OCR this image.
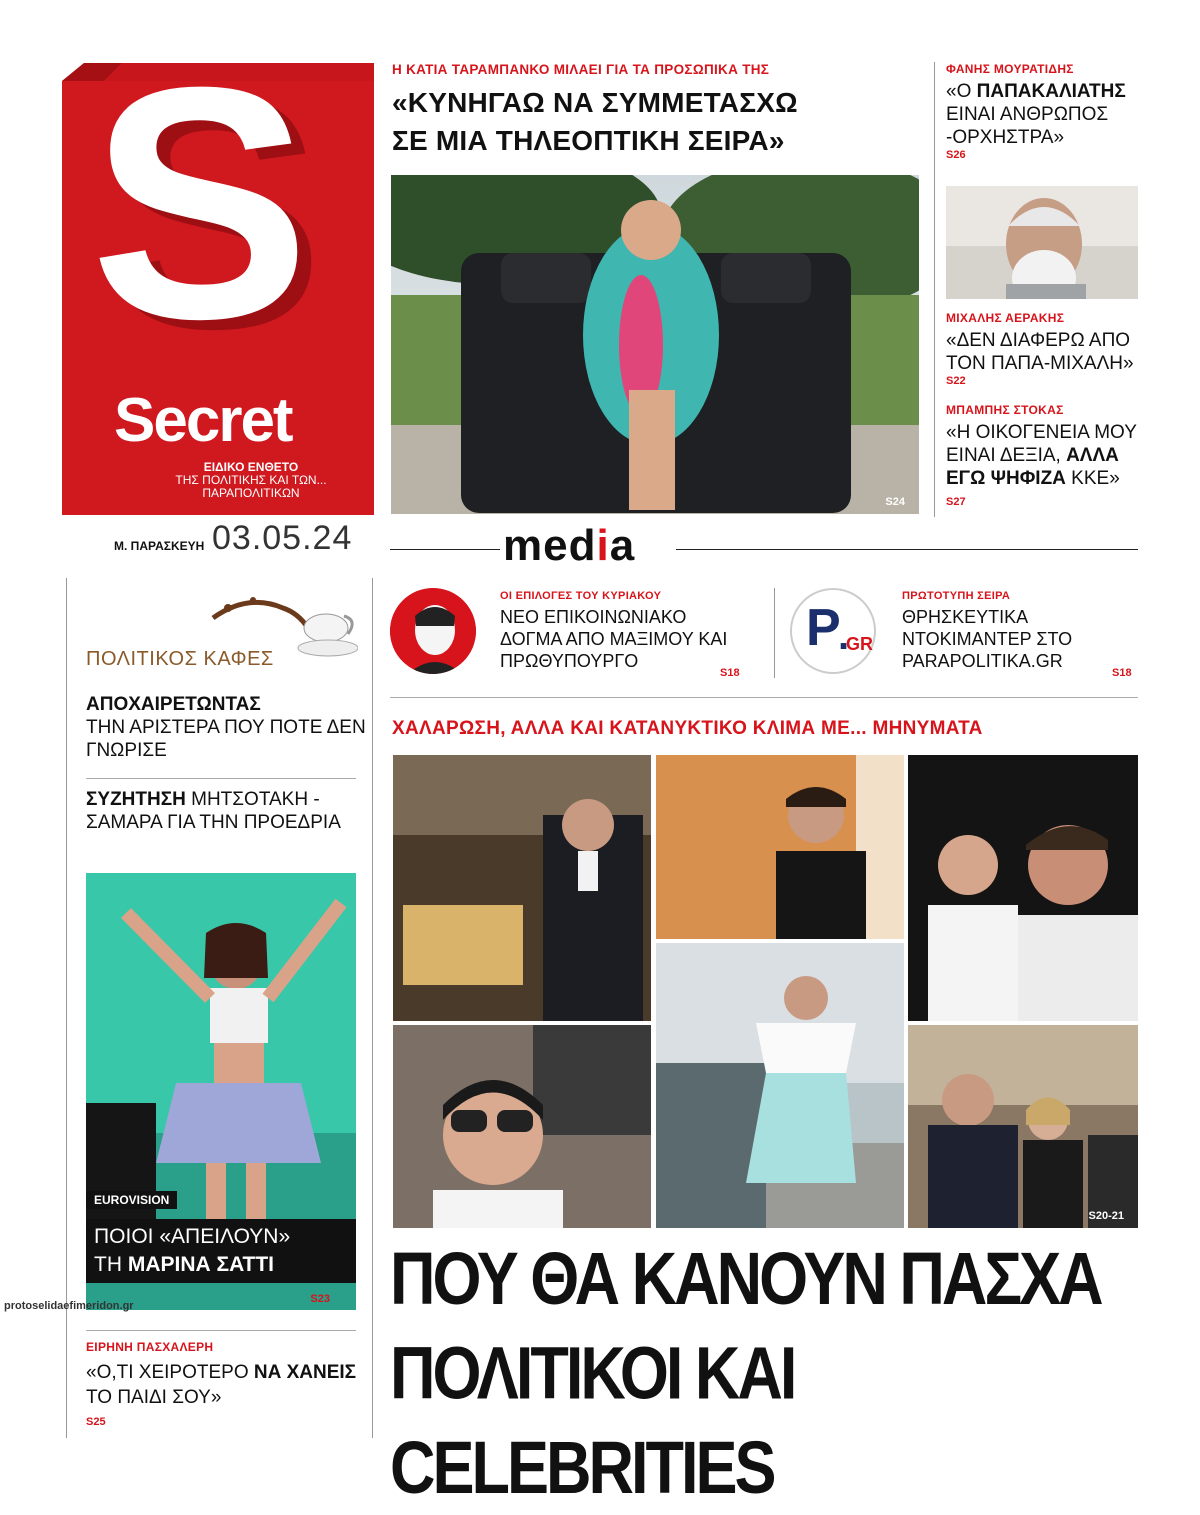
S
Secret
ΕΙΔΙΚΟ ΕΝΘΕΤΟ
ΤΗΣ ΠΟΛΙΤΙΚΗΣ ΚΑΙ ΤΩΝ...
ΠΑΡΑΠΟΛΙΤΙΚΩΝ
Μ. ΠΑΡΑΣΚΕΥΗ 03.05.24	media
Η ΚΑΤΙΑ ΤΑΡΑΜΠΑΝΚΟ ΜΙΛΑΕΙ ΓΙΑ ΤΑ ΠΡΟΣΩΠΙΚΑ ΤΗΣ
«ΚΥΝΗΓΑΩ ΝΑ ΣΥΜΜΕΤΑΣΧΩ
ΣΕ ΜΙΑ ΤΗΛΕΟΠΤΙΚΗ ΣΕΙΡΑ»
S24
ΦΑΝΗΣ ΜΟΥΡΑΤΙΔΗΣ
«Ο ΠΑΠΑΚΑΛΙΑΤΗΣ ΕΙΝΑΙ ΑΝΘΡΩΠΟΣ -ΟΡΧΗΣΤΡΑ»
S26
ΜΙΧΑΛΗΣ ΑΕΡΑΚΗΣ
«ΔΕΝ ΔΙΑΦΕΡΩ ΑΠΟ ΤΟΝ ΠΑΠΑ-ΜΙΧΑΛΗ»
S22
ΜΠΑΜΠΗΣ ΣΤΟΚΑΣ
«Η ΟΙΚΟΓΕΝΕΙΑ ΜΟΥ ΕΙΝΑΙ ΔΕΞΙΑ, ΑΛΛΑ ΕΓΩ ΨΗΦΙΖΑ ΚΚΕ»
S27
ΠΟΛΙΤΙΚΟΣ ΚΑΦΕΣ
ΑΠΟΧΑΙΡΕΤΩΝΤΑΣ
ΤΗΝ ΑΡΙΣΤΕΡΑ ΠΟΥ ΠΟΤΕ ΔΕΝ ΓΝΩΡΙΣΕ
ΣΥΖΗΤΗΣΗ ΜΗΤΣΟΤΑΚΗ - ΣΑΜΑΡΑ ΓΙΑ ΤΗΝ ΠΡΟΕΔΡΙΑ
EUROVISION
ΠΟΙΟΙ «ΑΠΕΙΛΟΥΝ»
ΤΗ ΜΑΡΙΝΑ ΣΑΤΤΙ
S23
protoselidaefimeridon.gr
ΕΙΡΗΝΗ ΠΑΣΧΑΛΕΡΗ
«Ο,ΤΙ ΧΕΙΡΟΤΕΡΟ ΝΑ ΧΑΝΕΙΣ ΤΟ ΠΑΙΔΙ ΣΟΥ»
S25
ΟΙ ΕΠΙΛΟΓΕΣ ΤΟΥ ΚΥΡΙΑΚΟΥ
ΝΕΟ ΕΠΙΚΟΙΝΩΝΙΑΚΟ ΔΟΓΜΑ ΑΠΟ ΜΑΞΙΜΟΥ ΚΑΙ ΠΡΩΘΥΠΟΥΡΓΟ
S18
P
.
GR
ΠΡΩΤΟΤΥΠΗ ΣΕΙΡΑ
ΘΡΗΣΚΕΥΤΙΚΑ ΝΤΟΚΙΜΑΝΤΕΡ ΣΤΟ PARAPOLITIKA.GR
S18
ΧΑΛΑΡΩΣΗ, ΑΛΛΑ ΚΑΙ ΚΑΤΑΝΥΚΤΙΚΟ ΚΛΙΜΑ ΜΕ... ΜΗΝΥΜΑΤΑ
S20-21
ΠΟΥ ΘΑ ΚΑΝΟΥΝ ΠΑΣΧΑ
ΠΟΛΙΤΙΚΟΙ ΚΑΙ CELEBRITIES
